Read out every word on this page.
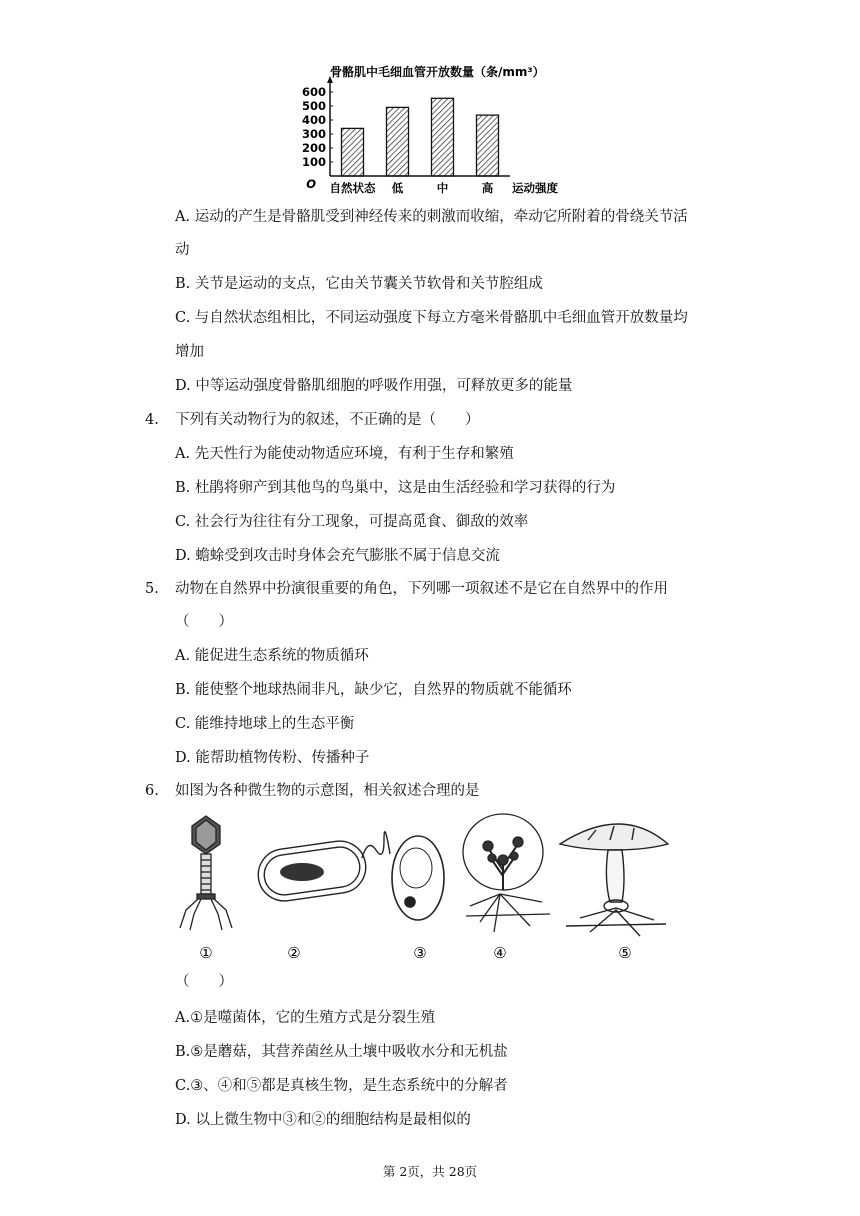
骨骼肌中毛细血管开放数量（条/mm³）
O
100
200
300
400
500
600
自然状态 低	中	高 运动强度
A. 运动的产生是骨骼肌受到神经传来的刺激而收缩，牵动它所附着的骨绕关节活
动
B. 关节是运动的支点，它由关节囊关节软骨和关节腔组成
C. 与自然状态组相比，不同运动强度下每立方毫米骨骼肌中毛细血管开放数量均
增加
D. 中等运动强度骨骼肌细胞的呼吸作用强，可释放更多的能量
4. 下列有关动物行为的叙述，不正确的是（　　）
A. 先天性行为能使动物适应环境，有利于生存和繁殖
B. 杜鹃将卵产到其他鸟的鸟巢中，这是由生活经验和学习获得的行为
C. 社会行为往往有分工现象，可提高觅食、御敌的效率
D. 蟾蜍受到攻击时身体会充气膨胀不属于信息交流
5. 动物在自然界中扮演很重要的角色，下列哪一项叙述不是它在自然界中的作用
（　　）
A. 能促进生态系统的物质循环
B. 能使整个地球热闹非凡，缺少它，自然界的物质就不能循环
C. 能维持地球上的生态平衡
D. 能帮助植物传粉、传播种子
6. 如图为各种微生物的示意图，相关叙述合理的是
①	②	③	④	⑤
（　　）
A.①是噬菌体，它的生殖方式是分裂生殖
B.⑤是蘑菇，其营养菌丝从土壤中吸收水分和无机盐
C.③、④和⑤都是真核生物，是生态系统中的分解者
D. 以上微生物中③和②的细胞结构是最相似的
第 2页，共 28页
